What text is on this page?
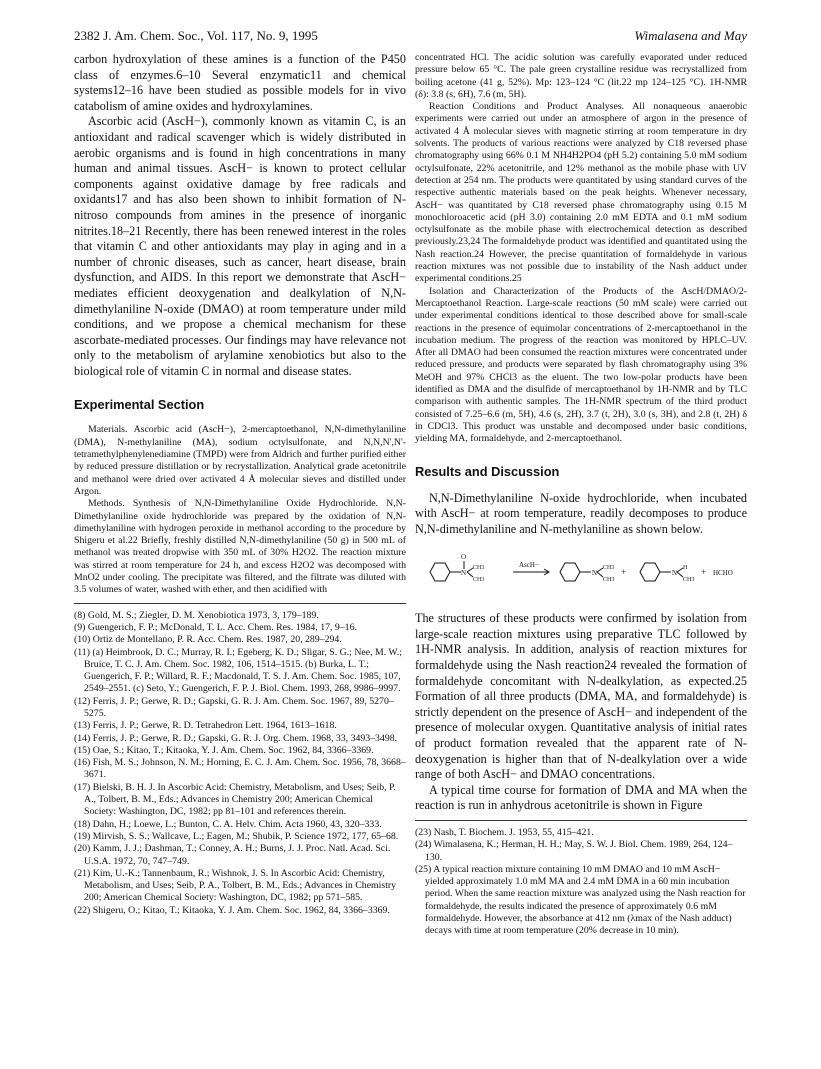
2382 J. Am. Chem. Soc., Vol. 117, No. 9, 1995	Wimalasena and May

carbon hydroxylation of these amines is a function of the P450 class of enzymes.6–10 Several enzymatic11 and chemical systems12–16 have been studied as possible models for in vivo catabolism of amine oxides and hydroxylamines.

Ascorbic acid (AscH−), commonly known as vitamin C, is an antioxidant and radical scavenger which is widely distributed in aerobic organisms and is found in high concentrations in many human and animal tissues. AscH− is known to protect cellular components against oxidative damage by free radicals and oxidants17 and has also been shown to inhibit formation of N-nitroso compounds from amines in the presence of inorganic nitrites.18–21 Recently, there has been renewed interest in the roles that vitamin C and other antioxidants may play in aging and in a number of chronic diseases, such as cancer, heart disease, brain dysfunction, and AIDS. In this report we demonstrate that AscH− mediates efficient deoxygenation and dealkylation of N,N-dimethylaniline N-oxide (DMAO) at room temperature under mild conditions, and we propose a chemical mechanism for these ascorbate-mediated processes. Our findings may have relevance not only to the metabolism of arylamine xenobiotics but also to the biological role of vitamin C in normal and disease states.

Experimental Section

Materials. Ascorbic acid (AscH−), 2-mercaptoethanol, N,N-dimethylaniline (DMA), N-methylaniline (MA), sodium octylsulfonate, and N,N,N',N'-tetramethylphenylenediamine (TMPD) were from Aldrich and further purified either by reduced pressure distillation or by recrystallization. Analytical grade acetonitrile and methanol were dried over activated 4 Å molecular sieves and distilled under Argon.

Methods. Synthesis of N,N-Dimethylaniline Oxide Hydrochloride. N,N-Dimethylaniline oxide hydrochloride was prepared by the oxidation of N,N-dimethylaniline with hydrogen peroxide in methanol according to the procedure by Shigeru et al.22 Briefly, freshly distilled N,N-dimethylaniline (50 g) in 500 mL of methanol was treated dropwise with 350 mL of 30% H2O2. The reaction mixture was stirred at room temperature for 24 h, and excess H2O2 was decomposed with MnO2 under cooling. The precipitate was filtered, and the filtrate was diluted with 3.5 volumes of water, washed with ether, and then acidified with

(8) Gold, M. S.; Ziegler, D. M. Xenobiotica 1973, 3, 179–189.

(9) Guengerich, F. P.; McDonald, T. L. Acc. Chem. Res. 1984, 17, 9–16.

(10) Ortiz de Montellano, P. R. Acc. Chem. Res. 1987, 20, 289–294.

(11) (a) Heimbrook, D. C.; Murray, R. I.; Egeberg, K. D.; Sligar, S. G.; Nee, M. W.; Bruice, T. C. J. Am. Chem. Soc. 1982, 106, 1514–1515. (b) Burka, L. T.; Guengerich, F. P.; Willard, R. F.; Macdonald, T. S. J. Am. Chem. Soc. 1985, 107, 2549–2551. (c) Seto, Y.; Guengerich, F. P. J. Biol. Chem. 1993, 268, 9986–9997.

(12) Ferris, J. P.; Gerwe, R. D.; Gapski, G. R. J. Am. Chem. Soc. 1967, 89, 5270–5275.

(13) Ferris, J. P.; Gerwe, R. D. Tetrahedron Lett. 1964, 1613–1618.

(14) Ferris, J. P.; Gerwe, R. D.; Gapski, G. R. J. Org. Chem. 1968, 33, 3493–3498.

(15) Oae, S.; Kitao, T.; Kitaoka, Y. J. Am. Chem. Soc. 1962, 84, 3366–3369.

(16) Fish, M. S.; Johnson, N. M.; Horning, E. C. J. Am. Chem. Soc. 1956, 78, 3668–3671.

(17) Bielski, B. H. J. In Ascorbic Acid: Chemistry, Metabolism, and Uses; Seib, P. A., Tolbert, B. M., Eds.; Advances in Chemistry 200; American Chemical Society: Washington, DC, 1982; pp 81–101 and references therein.

(18) Dahn, H.; Loewe, L.; Bunton, C. A. Helv. Chim. Acta 1960, 43, 320–333.

(19) Mirvish, S. S.; Wallcave, L.; Eagen, M.; Shubik, P. Science 1972, 177, 65–68.

(20) Kamm, J. J.; Dashman, T.; Conney, A. H.; Burns, J. J. Proc. Natl. Acad. Sci. U.S.A. 1972, 70, 747–749.

(21) Kim, U.-K.; Tannenbaum, R.; Wishnok, J. S. In Ascorbic Acid: Chemistry, Metabolism, and Uses; Seib, P. A., Tolbert, B. M., Eds.; Advances in Chemistry 200; American Chemical Society: Washington, DC, 1982; pp 571–585.

(22) Shigeru, O.; Kitao, T.; Kitaoka, Y. J. Am. Chem. Soc. 1962, 84, 3366–3369.

concentrated HCl. The acidic solution was carefully evaporated under reduced pressure below 65 °C. The pale green crystalline residue was recrystallized from boiling acetone (41 g, 52%). Mp: 123–124 °C (lit.22 mp 124–125 °C). 1H-NMR (δ): 3.8 (s, 6H), 7.6 (m, 5H).

Reaction Conditions and Product Analyses. All nonaqueous anaerobic experiments were carried out under an atmosphere of argon in the presence of activated 4 Å molecular sieves with magnetic stirring at room temperature in dry solvents. The products of various reactions were analyzed by C18 reversed phase chromatography using 66% 0.1 M NH4H2PO4 (pH 5.2) containing 5.0 mM sodium octylsulfonate, 22% acetonitrile, and 12% methanol as the mobile phase with UV detection at 254 nm. The products were quantitated by using standard curves of the respective authentic materials based on the peak heights. Whenever necessary, AscH− was quantitated by C18 reversed phase chromatography using 0.15 M monochloroacetic acid (pH 3.0) containing 2.0 mM EDTA and 0.1 mM sodium octylsulfonate as the mobile phase with electrochemical detection as described previously.23,24 The formaldehyde product was identified and quantitated using the Nash reaction.24 However, the precise quantitation of formaldehyde in various reaction mixtures was not possible due to instability of the Nash adduct under experimental conditions.25

Isolation and Characterization of the Products of the AscH/DMAO/2-Mercaptoethanol Reaction. Large-scale reactions (50 mM scale) were carried out under experimental conditions identical to those described above for small-scale reactions in the presence of equimolar concentrations of 2-mercaptoethanol in the incubation medium. The progress of the reaction was monitored by HPLC–UV. After all DMAO had been consumed the reaction mixtures were concentrated under reduced pressure, and products were separated by flash chromatography using 3% MeOH and 97% CHCl3 as the eluent. The two low-polar products have been identified as DMA and the disulfide of mercaptoethanol by 1H-NMR and by TLC comparison with authentic samples. The 1H-NMR spectrum of the third product consisted of 7.25–6.6 (m, 5H), 4.6 (s, 2H), 3.7 (t, 2H), 3.0 (s, 3H), and 2.8 (t, 2H) δ in CDCl3. This product was unstable and decomposed under basic conditions, yielding MA, formaldehyde, and 2-mercaptoethanol.

Results and Discussion

N,N-Dimethylaniline N-oxide hydrochloride, when incubated with AscH− at room temperature, readily decomposes to produce N,N-dimethylaniline and N-methylaniline as shown below.

O
N
CH3
CH3
AscH−
N
CH3
CH3
+	N
H
CH3
+ HCHO

The structures of these products were confirmed by isolation from large-scale reaction mixtures using preparative TLC followed by 1H-NMR analysis. In addition, analysis of reaction mixtures for formaldehyde using the Nash reaction24 revealed the formation of formaldehyde concomitant with N-dealkylation, as expected.25 Formation of all three products (DMA, MA, and formaldehyde) is strictly dependent on the presence of AscH− and independent of the presence of molecular oxygen. Quantitative analysis of initial rates of product formation revealed that the apparent rate of N-deoxygenation is higher than that of N-dealkylation over a wide range of both AscH− and DMAO concentrations.

A typical time course for formation of DMA and MA when the reaction is run in anhydrous acetonitrile is shown in Figure

(23) Nash, T. Biochem. J. 1953, 55, 415–421.

(24) Wimalasena, K.; Herman, H. H.; May, S. W. J. Biol. Chem. 1989, 264, 124–130.

(25) A typical reaction mixture containing 10 mM DMAO and 10 mM AscH− yielded approximately 1.0 mM MA and 2.4 mM DMA in a 60 min incubation period. When the same reaction mixture was analyzed using the Nash reaction for formaldehyde, the results indicated the presence of approximately 0.6 mM formaldehyde. However, the absorbance at 412 nm (λmax of the Nash adduct) decays with time at room temperature (20% decrease in 10 min).
